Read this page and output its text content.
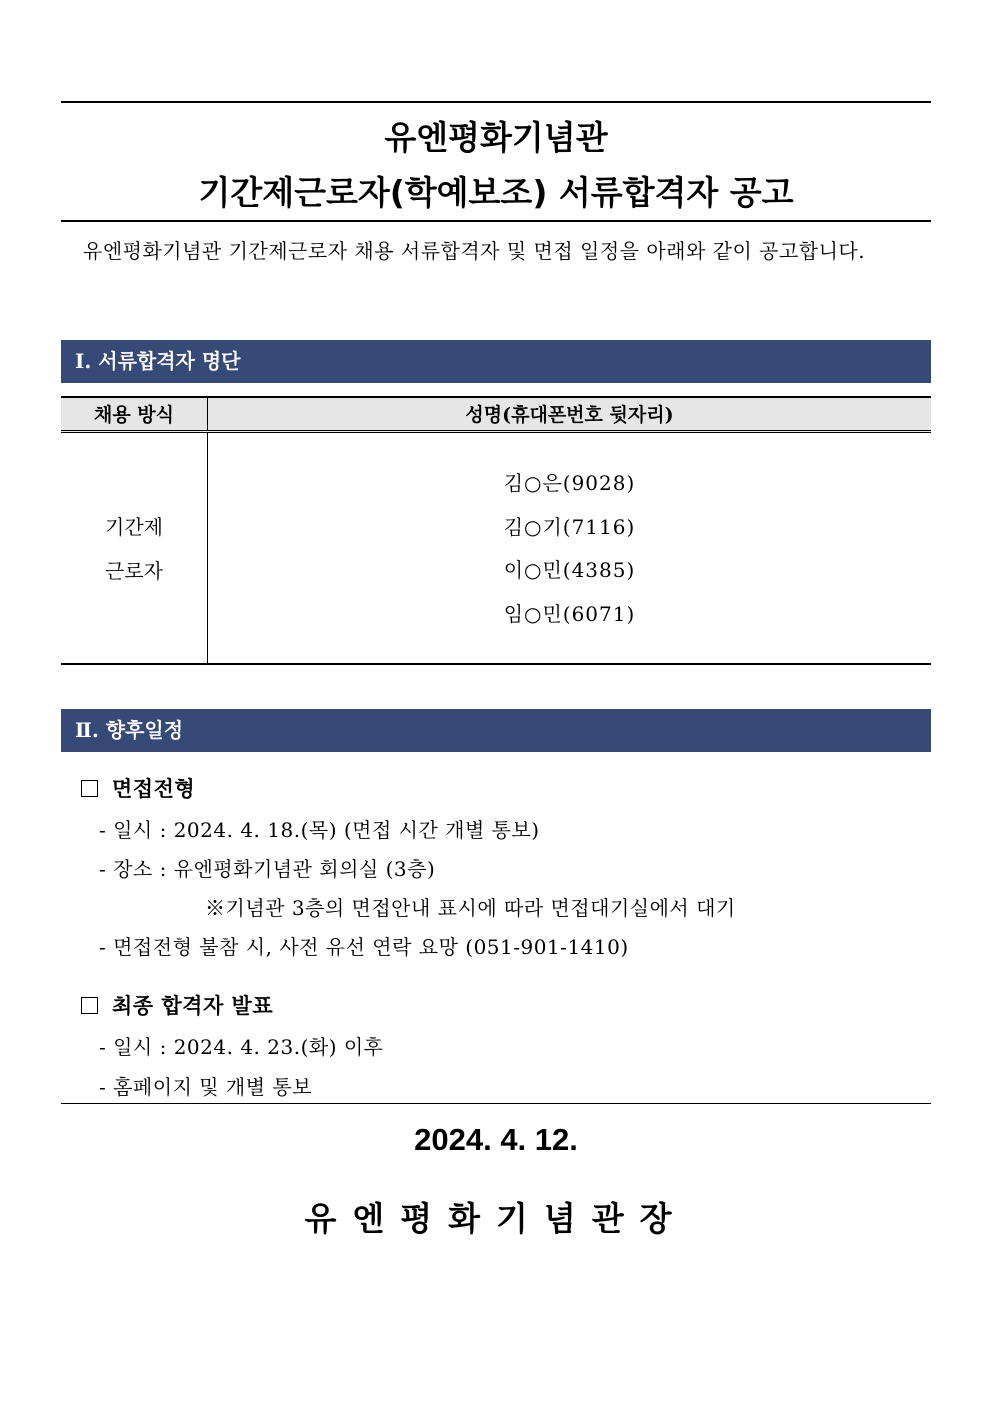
유엔평화기념관
기간제근로자(학예보조) 서류합격자 공고
유엔평화기념관 기간제근로자 채용 서류합격자 및 면접 일정을 아래와 같이 공고합니다.
Ⅰ. 서류합격자 명단
채용 방식	성명(휴대폰번호 뒷자리)
기간제
근로자
김○은(9028)
김○기(7116)
이○민(4385)
임○민(6071)
Ⅱ. 향후일정
면접전형
- 일시 : 2024. 4. 18.(목) (면접 시간 개별 통보)
- 장소 : 유엔평화기념관 회의실 (3층)
※기념관 3층의 면접안내 표시에 따라 면접대기실에서 대기
- 면접전형 불참 시, 사전 유선 연락 요망 (051-901-1410)
최종 합격자 발표
- 일시 : 2024. 4. 23.(화) 이후
- 홈페이지 및 개별 통보
2024. 4. 12.
유엔평화기념관장
